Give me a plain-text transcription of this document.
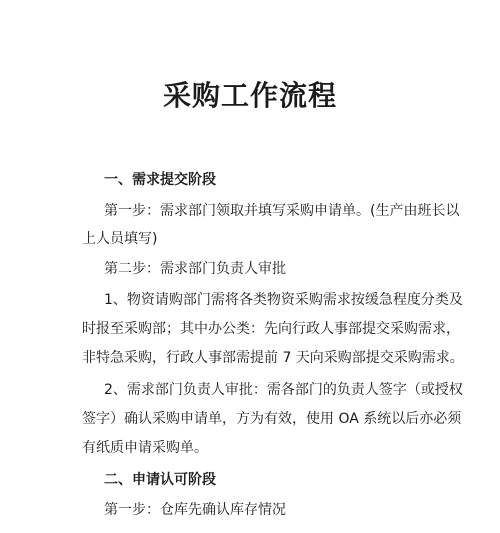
采购工作流程
一、需求提交阶段

第一步：需求部门领取并填写采购申请单。(生产由班长以

上人员填写)

第二步：需求部门负责人审批

1、物资请购部门需将各类物资采购需求按缓急程度分类及

时报至采购部；其中办公类：先向行政人事部提交采购需求，

非特急采购，行政人事部需提前 7 天向采购部提交采购需求。

2、需求部门负责人审批：需各部门的负责人签字（或授权

签字）确认采购申请单，方为有效，使用 OA 系统以后亦必须

有纸质申请采购单。

二、申请认可阶段

第一步：仓库先确认库存情况
